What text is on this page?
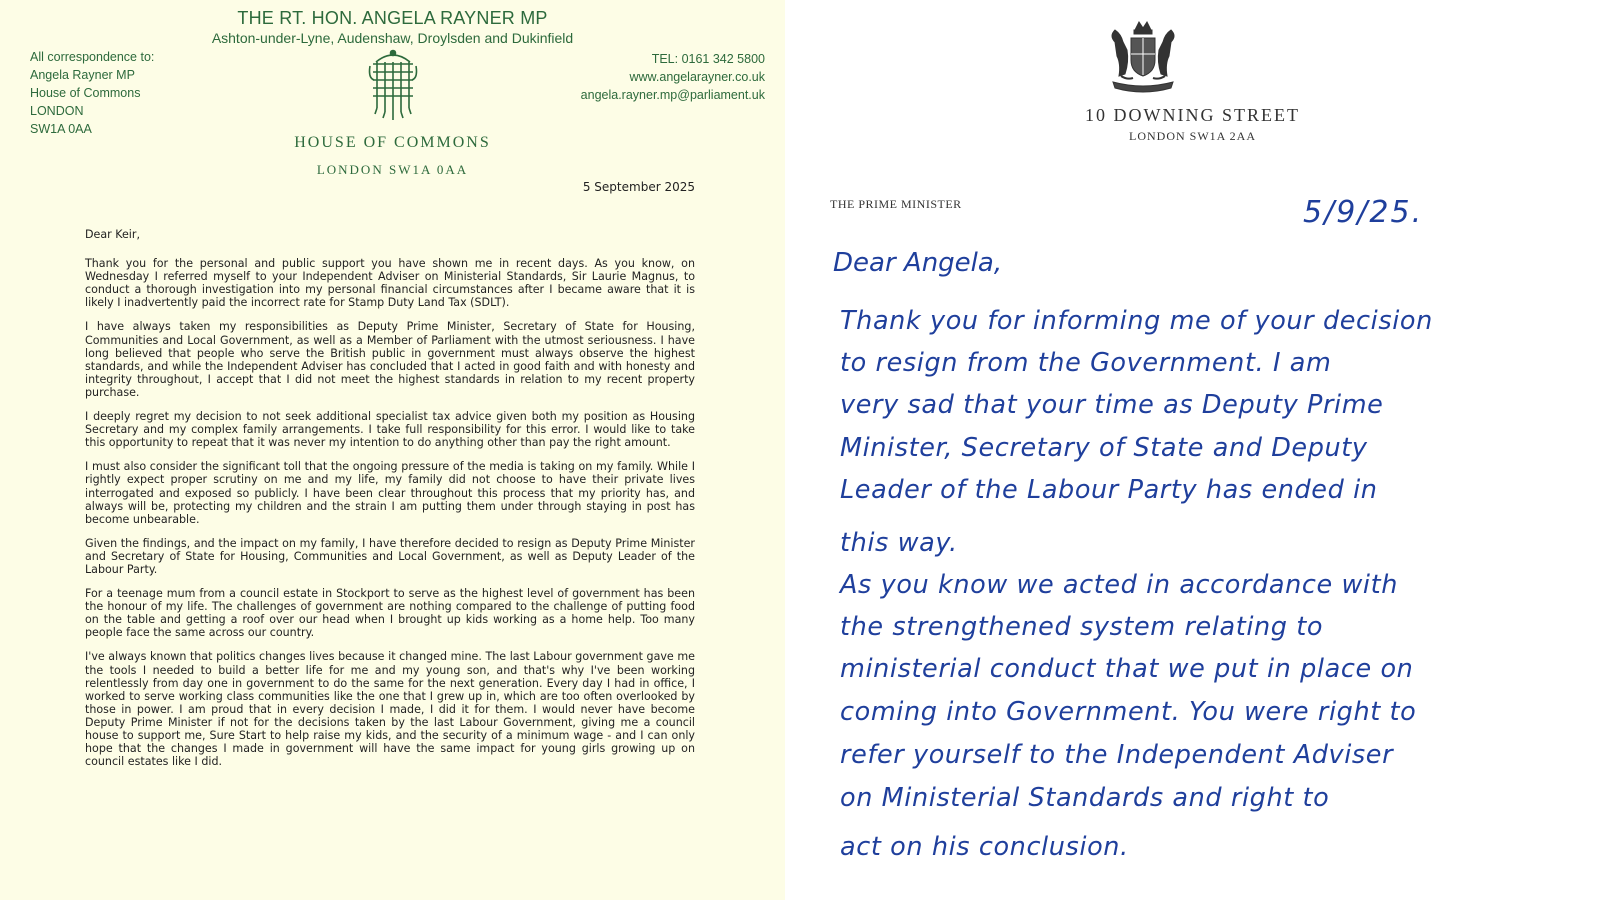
THE RT. HON. ANGELA RAYNER MP
Ashton-under-Lyne, Audenshaw, Droylsden and Dukinfield
All correspondence to:
Angela Rayner MP
House of Commons
LONDON
SW1A 0AA
TEL: 0161 342 5800
www.angelarayner.co.uk
angela.rayner.mp@parliament.uk
HOUSE OF COMMONS
LONDON SW1A 0AA
5 September 2025

Dear Keir,

Thank you for the personal and public support you have shown me in recent days. As you know, on Wednesday I referred myself to your Independent Adviser on Ministerial Standards, Sir Laurie Magnus, to conduct a thorough investigation into my personal financial circumstances after I became aware that it is likely I inadvertently paid the incorrect rate for Stamp Duty Land Tax (SDLT).

I have always taken my responsibilities as Deputy Prime Minister, Secretary of State for Housing, Communities and Local Government, as well as a Member of Parliament with the utmost seriousness. I have long believed that people who serve the British public in government must always observe the highest standards, and while the Independent Adviser has concluded that I acted in good faith and with honesty and integrity throughout, I accept that I did not meet the highest standards in relation to my recent property purchase.

I deeply regret my decision to not seek additional specialist tax advice given both my position as Housing Secretary and my complex family arrangements. I take full responsibility for this error. I would like to take this opportunity to repeat that it was never my intention to do anything other than pay the right amount.

I must also consider the significant toll that the ongoing pressure of the media is taking on my family. While I rightly expect proper scrutiny on me and my life, my family did not choose to have their private lives interrogated and exposed so publicly. I have been clear throughout this process that my priority has, and always will be, protecting my children and the strain I am putting them under through staying in post has become unbearable.

Given the findings, and the impact on my family, I have therefore decided to resign as Deputy Prime Minister and Secretary of State for Housing, Communities and Local Government, as well as Deputy Leader of the Labour Party.

For a teenage mum from a council estate in Stockport to serve as the highest level of government has been the honour of my life. The challenges of government are nothing compared to the challenge of putting food on the table and getting a roof over our head when I brought up kids working as a home help. Too many people face the same across our country.

I've always known that politics changes lives because it changed mine. The last Labour government gave me the tools I needed to build a better life for me and my young son, and that's why I've been working relentlessly from day one in government to do the same for the next generation. Every day I had in office, I worked to serve working class communities like the one that I grew up in, which are too often overlooked by those in power. I am proud that in every decision I made, I did it for them. I would never have become Deputy Prime Minister if not for the decisions taken by the last Labour Government, giving me a council house to support me, Sure Start to help raise my kids, and the security of a minimum wage - and I can only hope that the changes I made in government will have the same impact for young girls growing up on council estates like I did.

10 DOWNING STREET
LONDON SW1A 2AA
THE PRIME MINISTER	5/9/25.
Dear Angela,
Thank you for informing me of your decision
to resign from the Government. I am
very sad that your time as Deputy Prime
Minister, Secretary of State and Deputy
Leader of the Labour Party has ended in
this way.
As you know we acted in accordance with
the strengthened system relating to
ministerial conduct that we put in place on
coming into Government. You were right to
refer yourself to the Independent Adviser
on Ministerial Standards and right to
act on his conclusion.
